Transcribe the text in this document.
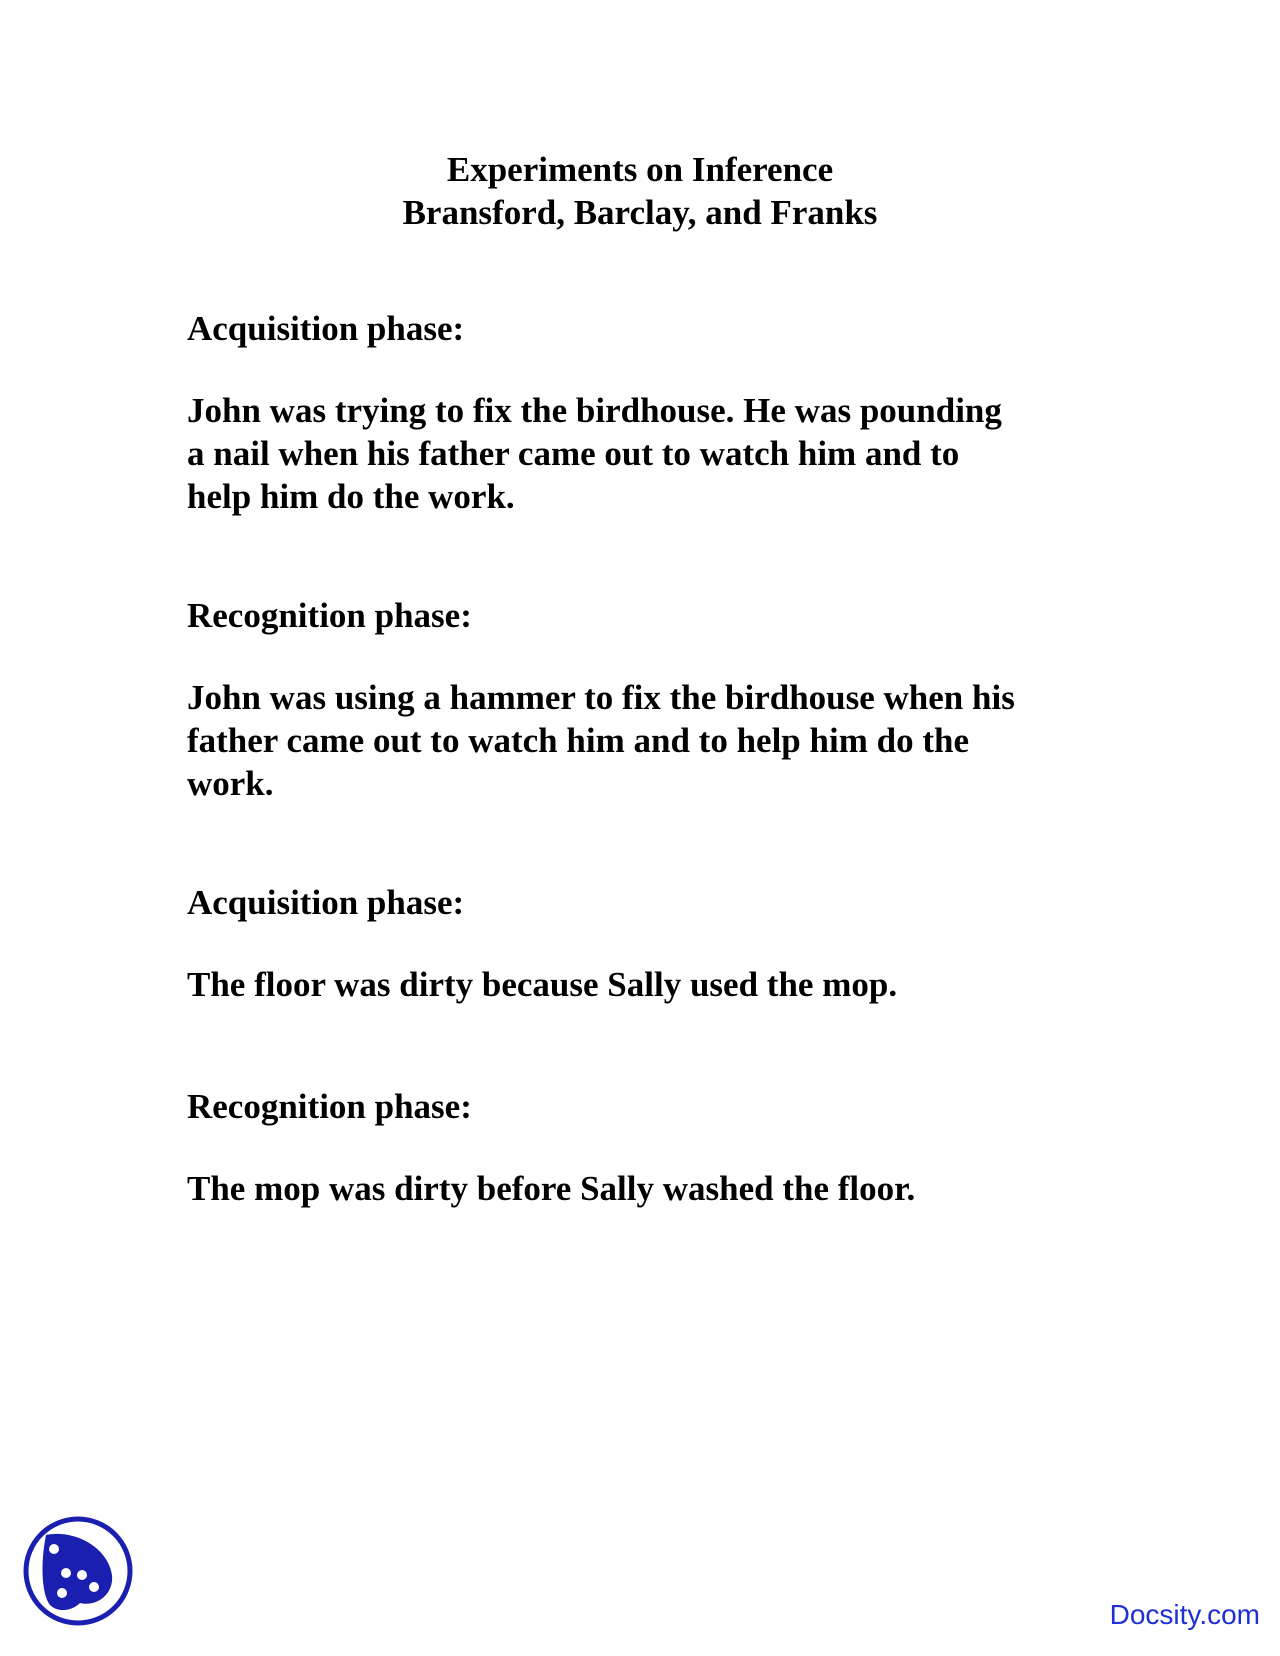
Experiments on Inference
Bransford, Barclay, and Franks
Acquisition phase:
John was trying to fix the birdhouse. He was pounding
a nail when his father came out to watch him and to
help him do the work.
Recognition phase:
John was using a hammer to fix the birdhouse when his
father came out to watch him and to help him do the
work.
Acquisition phase:
The floor was dirty because Sally used the mop.
Recognition phase:
The mop was dirty before Sally washed the floor.
Docsity.com
